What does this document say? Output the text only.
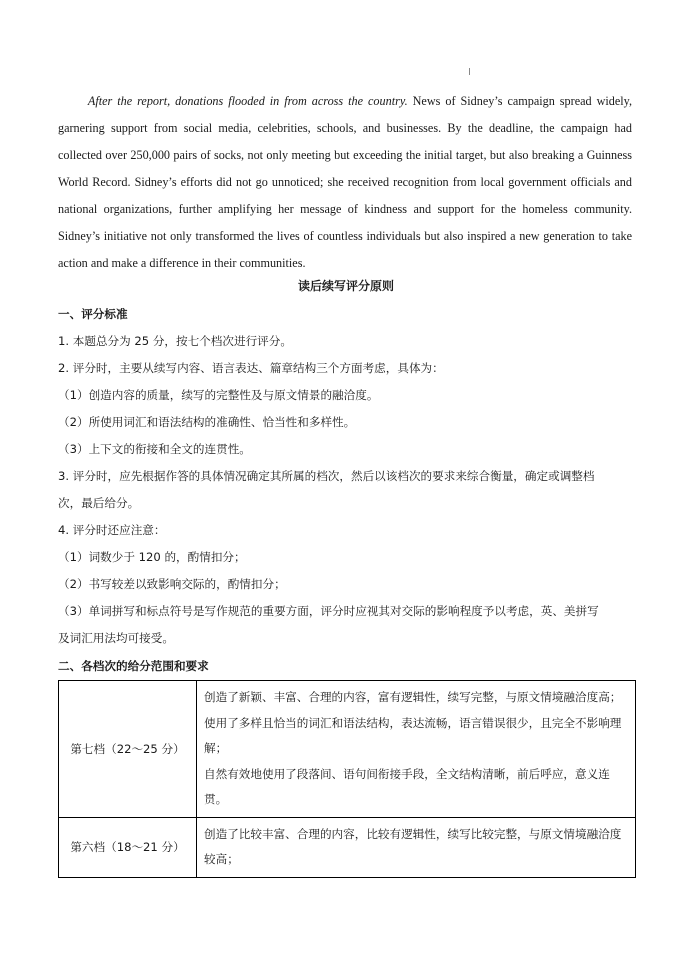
After the report, donations flooded in from across the country. News of Sidney’s campaign spread widely, garnering support from social media, celebrities, schools, and businesses. By the deadline, the campaign had collected over 250,000 pairs of socks, not only meeting but exceeding the initial target, but also breaking a Guinness World Record. Sidney’s efforts did not go unnoticed; she received recognition from local government officials and national organizations, further amplifying her message of kindness and support for the homeless community. Sidney’s initiative not only transformed the lives of countless individuals but also inspired a new generation to take action and make a difference in their communities.

读后续写评分原则
一、评分标准
1. 本题总分为 25 分，按七个档次进行评分。
2. 评分时，主要从续写内容、语言表达、篇章结构三个方面考虑，具体为：
（1）创造内容的质量，续写的完整性及与原文情景的融洽度。
（2）所使用词汇和语法结构的准确性、恰当性和多样性。
（3）上下文的衔接和全文的连贯性。
3. 评分时，应先根据作答的具体情况确定其所属的档次，然后以该档次的要求来综合衡量，确定或调整档
次，最后给分。
4. 评分时还应注意：
（1）词数少于 120 的，酌情扣分；
（2）书写较差以致影响交际的，酌情扣分；
（3）单词拼写和标点符号是写作规范的重要方面，评分时应视其对交际的影响程度予以考虑，英、美拼写
及词汇用法均可接受。
二、各档次的给分范围和要求
第七档（22～25 分）	创造了新颖、丰富、合理的内容，富有逻辑性，续写完整，与原文情境融洽度高；

使用了多样且恰当的词汇和语法结构，表达流畅，语言错误很少，且完全不影响理解；

自然有效地使用了段落间、语句间衔接手段，全文结构清晰，前后呼应，意义连贯。

第六档（18～21 分）	创造了比较丰富、合理的内容，比较有逻辑性，续写比较完整，与原文情境融洽度较高；
